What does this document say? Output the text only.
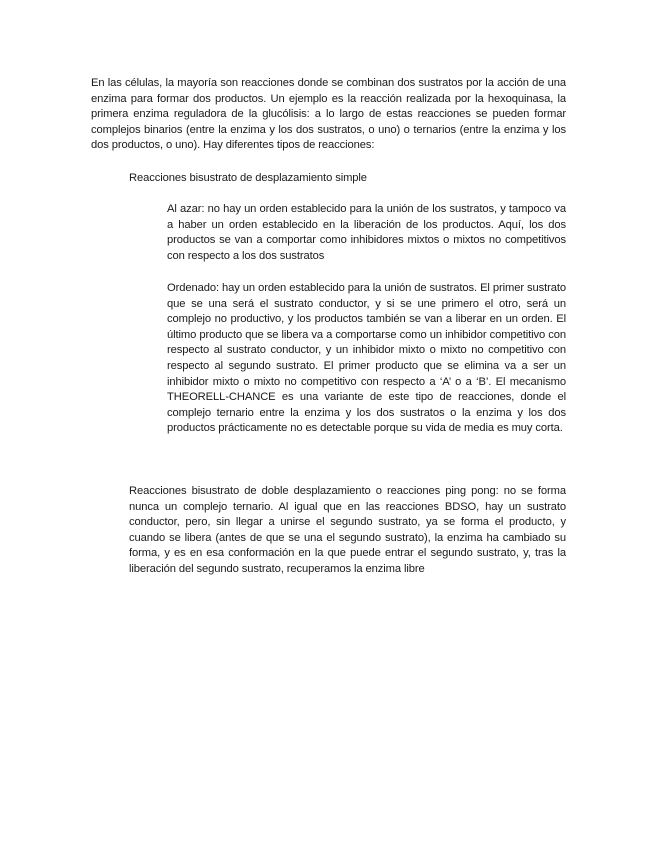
En las células, la mayoría son reacciones donde se combinan dos sustratos por la acción de una enzima para formar dos productos. Un ejemplo es la reacción realizada por la hexoquinasa, la primera enzima reguladora de la glucólisis: a lo largo de estas reacciones se pueden formar complejos binarios (entre la enzima y los dos sustratos, o uno) o ternarios (entre la enzima y los dos productos, o uno). Hay diferentes tipos de reacciones:

Reacciones bisustrato de desplazamiento simple

Al azar: no hay un orden establecido para la unión de los sustratos, y tampoco va a haber un orden establecido en la liberación de los productos. Aquí, los dos productos se van a comportar como inhibidores mixtos o mixtos no competitivos con respecto a los dos sustratos

Ordenado: hay un orden establecido para la unión de sustratos. El primer sustrato que se una será el sustrato conductor, y si se une primero el otro, será un complejo no productivo, y los productos también se van a liberar en un orden. El último producto que se libera va a comportarse como un inhibidor competitivo con respecto al sustrato conductor, y un inhibidor mixto o mixto no competitivo con respecto al segundo sustrato. El primer producto que se elimina va a ser un inhibidor mixto o mixto no competitivo con respecto a ‘A’ o a ‘B’. El mecanismo THEORELL-CHANCE es una variante de este tipo de reacciones, donde el complejo ternario entre la enzima y los dos sustratos o la enzima y los dos productos prácticamente no es detectable porque su vida de media es muy corta.

Reacciones bisustrato de doble desplazamiento o reacciones ping pong: no se forma nunca un complejo ternario. Al igual que en las reacciones BDSO, hay un sustrato conductor, pero, sin llegar a unirse el segundo sustrato, ya se forma el producto, y cuando se libera (antes de que se una el segundo sustrato), la enzima ha cambiado su forma, y es en esa conformación en la que puede entrar el segundo sustrato, y, tras la liberación del segundo sustrato, recuperamos la enzima libre
